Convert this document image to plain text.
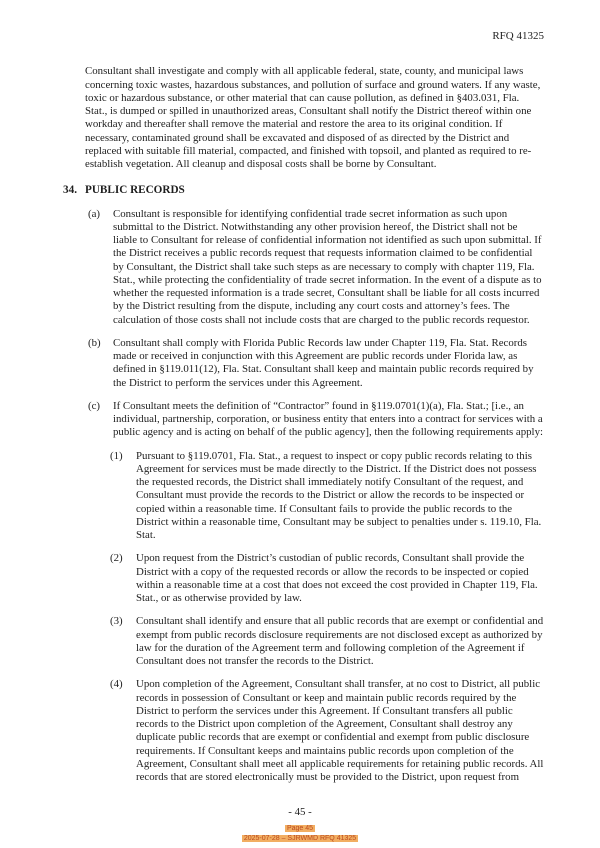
RFQ 41325

Consultant shall investigate and comply with all applicable federal, state, county, and municipal laws concerning toxic wastes, hazardous substances, and pollution of surface and ground waters. If any waste, toxic or hazardous substance, or other material that can cause pollution, as defined in §403.031, Fla. Stat., is dumped or spilled in unauthorized areas, Consultant shall notify the District thereof within one workday and thereafter shall remove the material and restore the area to its original condition. If necessary, contaminated ground shall be excavated and disposed of as directed by the District and replaced with suitable fill material, compacted, and finished with topsoil, and planted as required to re-establish vegetation. All cleanup and disposal costs shall be borne by Consultant.

34. PUBLIC RECORDS
(a)	Consultant is responsible for identifying confidential trade secret information as such upon submittal to the District. Notwithstanding any other provision hereof, the District shall not be liable to Consultant for release of confidential information not identified as such upon submittal. If the District receives a public records request that requests information claimed to be confidential by Consultant, the District shall take such steps as are necessary to comply with chapter 119, Fla. Stat., while protecting the confidentiality of trade secret information. In the event of a dispute as to whether the requested information is a trade secret, Consultant shall be liable for all costs incurred by the District resulting from the dispute, including any court costs and attorney’s fees. The calculation of those costs shall not include costs that are charged to the public records requestor.
(b)	Consultant shall comply with Florida Public Records law under Chapter 119, Fla. Stat. Records made or received in conjunction with this Agreement are public records under Florida law, as defined in §119.011(12), Fla. Stat. Consultant shall keep and maintain public records required by the District to perform the services under this Agreement.
(c)	If Consultant meets the definition of “Contractor” found in §119.0701(1)(a), Fla. Stat.; [i.e., an individual, partnership, corporation, or business entity that enters into a contract for services with a public agency and is acting on behalf of the public agency], then the following requirements apply:
(1)	Pursuant to §119.0701, Fla. Stat., a request to inspect or copy public records relating to this Agreement for services must be made directly to the District. If the District does not possess the requested records, the District shall immediately notify Consultant of the request, and Consultant must provide the records to the District or allow the records to be inspected or copied within a reasonable time. If Consultant fails to provide the public records to the District within a reasonable time, Consultant may be subject to penalties under s. 119.10, Fla. Stat.
(2)	Upon request from the District’s custodian of public records, Consultant shall provide the District with a copy of the requested records or allow the records to be inspected or copied within a reasonable time at a cost that does not exceed the cost provided in Chapter 119, Fla. Stat., or as otherwise provided by law.
(3)	Consultant shall identify and ensure that all public records that are exempt or confidential and exempt from public records disclosure requirements are not disclosed except as authorized by law for the duration of the Agreement term and following completion of the Agreement if Consultant does not transfer the records to the District.
(4)	Upon completion of the Agreement, Consultant shall transfer, at no cost to District, all public records in possession of Consultant or keep and maintain public records required by the District to perform the services under this Agreement. If Consultant transfers all public records to the District upon completion of the Agreement, Consultant shall destroy any duplicate public records that are exempt or confidential and exempt from public disclosure requirements. If Consultant keeps and maintains public records upon completion of the Agreement, Consultant shall meet all applicable requirements for retaining public records. All records that are stored electronically must be provided to the District, upon request from
- 45 -
Page 45
2025-07-28 – SJRWMD RFQ 41325
